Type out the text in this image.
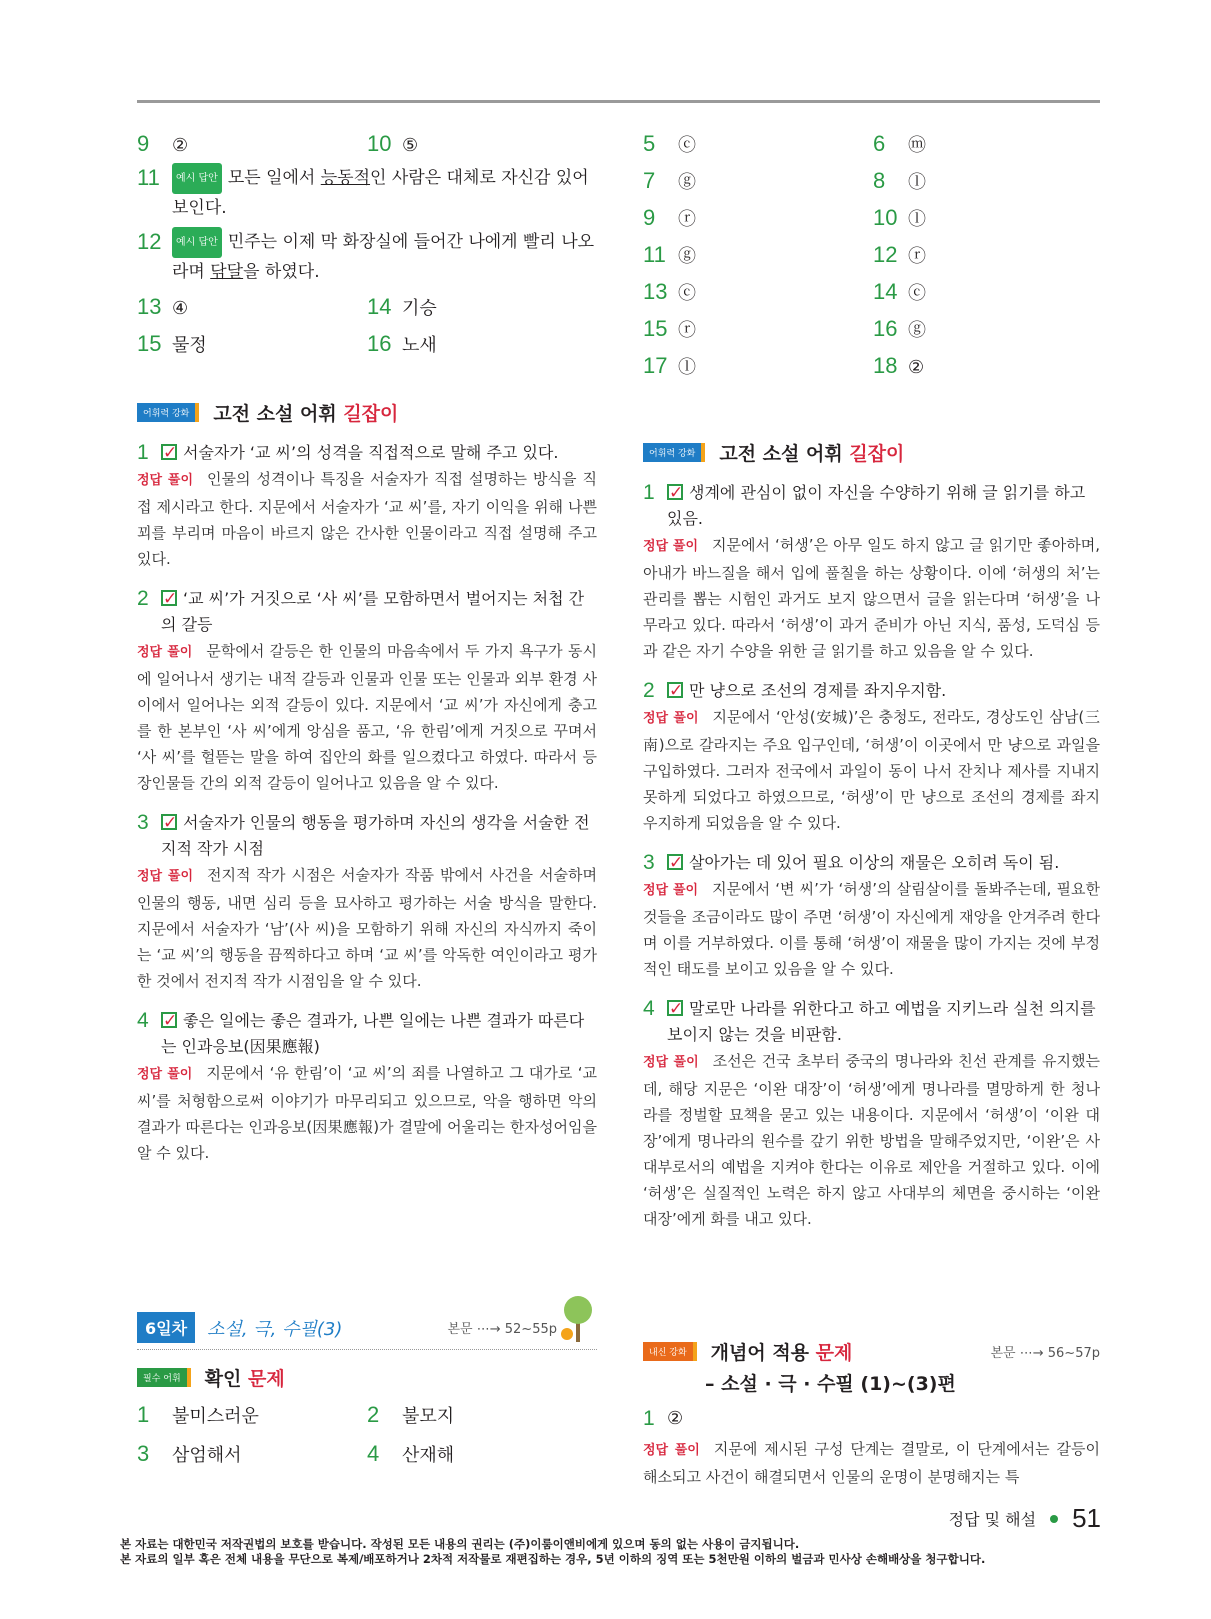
9	②	10 ⑤
11	예시 답안 모든 일에서 능동적인 사람은 대체로 자신감 있어 보인다.
12	예시 답안 민주는 이제 막 화장실에 들어간 나에게 빨리 나오라며 닦달을 하였다.
13 ④	14 기승
15 물정	16 노새
어휘력 강화	고전 소설 어휘 길잡이
1 ✓	서술자가 ‘교 씨’의 성격을 직접적으로 말해 주고 있다.
정답 풀이 인물의 성격이나 특징을 서술자가 직접 설명하는 방식을 직접 제시라고 한다. 지문에서 서술자가 ‘교 씨’를, 자기 이익을 위해 나쁜 꾀를 부리며 마음이 바르지 않은 간사한 인물이라고 직접 설명해 주고 있다.
2 ✓	‘교 씨’가 거짓으로 ‘사 씨’를 모함하면서 벌어지는 처첩 간의 갈등
정답 풀이 문학에서 갈등은 한 인물의 마음속에서 두 가지 욕구가 동시에 일어나서 생기는 내적 갈등과 인물과 인물 또는 인물과 외부 환경 사이에서 일어나는 외적 갈등이 있다. 지문에서 ‘교 씨’가 자신에게 충고를 한 본부인 ‘사 씨’에게 앙심을 품고, ‘유 한림’에게 거짓으로 꾸며서 ‘사 씨’를 헐뜯는 말을 하여 집안의 화를 일으켰다고 하였다. 따라서 등장인물들 간의 외적 갈등이 일어나고 있음을 알 수 있다.
3 ✓	서술자가 인물의 행동을 평가하며 자신의 생각을 서술한 전지적 작가 시점
정답 풀이 전지적 작가 시점은 서술자가 작품 밖에서 사건을 서술하며 인물의 행동, 내면 심리 등을 묘사하고 평가하는 서술 방식을 말한다. 지문에서 서술자가 ‘남’(사 씨)을 모함하기 위해 자신의 자식까지 죽이는 ‘교 씨’의 행동을 끔찍하다고 하며 ‘교 씨’를 악독한 여인이라고 평가한 것에서 전지적 작가 시점임을 알 수 있다.
4 ✓	좋은 일에는 좋은 결과가, 나쁜 일에는 나쁜 결과가 따른다는 인과응보(因果應報)
정답 풀이 지문에서 ‘유 한림’이 ‘교 씨’의 죄를 나열하고 그 대가로 ‘교 씨’를 처형함으로써 이야기가 마무리되고 있으므로, 악을 행하면 악의 결과가 따른다는 인과응보(因果應報)가 결말에 어울리는 한자성어임을 알 수 있다.
5	ⓒ	6	ⓜ
7	ⓖ	8	ⓛ
9	ⓡ	10 ⓛ
11 ⓖ	12 ⓡ
13 ⓒ	14 ⓒ
15 ⓡ	16 ⓖ
17 ⓛ	18 ②
어휘력 강화	고전 소설 어휘 길잡이
1 ✓	생계에 관심이 없이 자신을 수양하기 위해 글 읽기를 하고 있음.
정답 풀이 지문에서 ‘허생’은 아무 일도 하지 않고 글 읽기만 좋아하며, 아내가 바느질을 해서 입에 풀칠을 하는 상황이다. 이에 ‘허생의 처’는 관리를 뽑는 시험인 과거도 보지 않으면서 글을 읽는다며 ‘허생’을 나무라고 있다. 따라서 ‘허생’이 과거 준비가 아닌 지식, 품성, 도덕심 등과 같은 자기 수양을 위한 글 읽기를 하고 있음을 알 수 있다.
2 ✓	만 냥으로 조선의 경제를 좌지우지함.
정답 풀이 지문에서 ‘안성(安城)’은 충청도, 전라도, 경상도인 삼남(三南)으로 갈라지는 주요 입구인데, ‘허생’이 이곳에서 만 냥으로 과일을 구입하였다. 그러자 전국에서 과일이 동이 나서 잔치나 제사를 지내지 못하게 되었다고 하였으므로, ‘허생’이 만 냥으로 조선의 경제를 좌지우지하게 되었음을 알 수 있다.
3 ✓	살아가는 데 있어 필요 이상의 재물은 오히려 독이 됨.
정답 풀이 지문에서 ‘변 씨’가 ‘허생’의 살림살이를 돌봐주는데, 필요한 것들을 조금이라도 많이 주면 ‘허생’이 자신에게 재앙을 안겨주려 한다며 이를 거부하였다. 이를 통해 ‘허생’이 재물을 많이 가지는 것에 부정적인 태도를 보이고 있음을 알 수 있다.
4 ✓	말로만 나라를 위한다고 하고 예법을 지키느라 실천 의지를 보이지 않는 것을 비판함.
정답 풀이 조선은 건국 초부터 중국의 명나라와 친선 관계를 유지했는데, 해당 지문은 ‘이완 대장’이 ‘허생’에게 명나라를 멸망하게 한 청나라를 정벌할 묘책을 묻고 있는 내용이다. 지문에서 ‘허생’이 ‘이완 대장’에게 명나라의 원수를 갚기 위한 방법을 말해주었지만, ‘이완’은 사대부로서의 예법을 지켜야 한다는 이유로 제안을 거절하고 있다. 이에 ‘허생’은 실질적인 노력은 하지 않고 사대부의 체면을 중시하는 ‘이완 대장’에게 화를 내고 있다.
6일차	소설, 극, 수필(3)	본문 ⋯→ 52~55p
필수 어휘	확인 문제
1	불미스러운	2	불모지
3	삼엄해서	4	산재해
내신 강화	개념어 적용 문제	본문 ⋯→ 56~57p
– 소설 · 극 · 수필 (1)~(3)편
1 ②
정답 풀이 지문에 제시된 구성 단계는 결말로, 이 단계에서는 갈등이 해소되고 사건이 해결되면서 인물의 운명이 분명해지는 특
정답 및 해설 51
본 자료는 대한민국 저작권법의 보호를 받습니다. 작성된 모든 내용의 권리는 (주)이룸이앤비에게 있으며 동의 없는 사용이 금지됩니다.
본 자료의 일부 혹은 전체 내용을 무단으로 복제/배포하거나 2차적 저작물로 재편집하는 경우, 5년 이하의 징역 또는 5천만원 이하의 벌금과 민사상 손해배상을 청구합니다.
